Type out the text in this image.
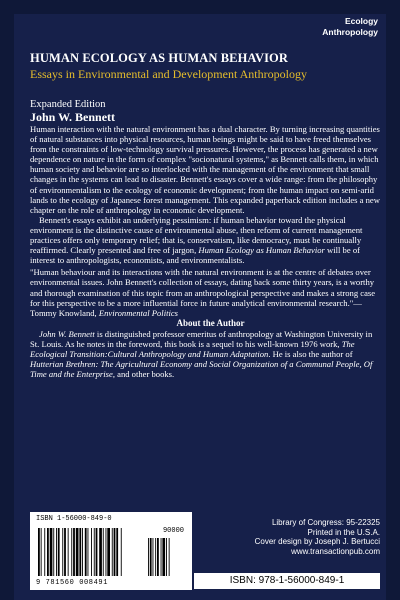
Ecology
Anthropology
HUMAN ECOLOGY AS HUMAN BEHAVIOR
Essays in Environmental and Development Anthropology
Expanded Edition
John W. Bennett

Human interaction with the natural environment has a dual character. By turning increasing quantities of natural substances into physical resources, human beings might be said to have freed themselves from the constraints of low-technology survival pressures. However, the process has generated a new dependence on nature in the form of complex "socionatural systems," as Bennett calls them, in which human society and behavior are so interlocked with the management of the environment that small changes in the systems can lead to disaster. Bennett's essays cover a wide range: from the philosophy of environmentalism to the ecology of economic development; from the human impact on semi-arid lands to the ecology of Japanese forest management. This expanded paperback edition includes a new chapter on the role of anthropology in economic development.

Bennett's essays exhibit an underlying pessimism: if human behavior toward the physical environment is the distinctive cause of environmental abuse, then reform of current management practices offers only temporary relief; that is, conservatism, like democracy, must be continually reaffirmed. Clearly presented and free of jargon, Human Ecology as Human Behavior will be of interest to anthropologists, economists, and environmentalists.

"Human behaviour and its interactions with the natural environment is at the centre of debates over environmental issues. John Bennett's collection of essays, dating back some thirty years, is a worthy and thorough examination of this topic from an anthropological perspective and makes a strong case for this perspective to be a more influential force in future analytical environmental research."—Tommy Knowland, Environmental Politics

About the Author

John W. Bennett is distinguished professor emeritus of anthropology at Washington University in St. Louis. As he notes in the foreword, this book is a sequel to his well-known 1976 work, The Ecological Transition:Cultural Anthropology and Human Adaptation. He is also the author of Hutterian Brethren: The Agricultural Economy and Social Organization of a Communal People, Of Time and the Enterprise, and other books.

ISBN 1-56000-849-0
90000
9 781560 008491
Library of Congress: 95-22325
Printed in the U.S.A.
Cover design by Joseph J. Bertucci
www.transactionpub.com
ISBN: 978-1-56000-849-1
